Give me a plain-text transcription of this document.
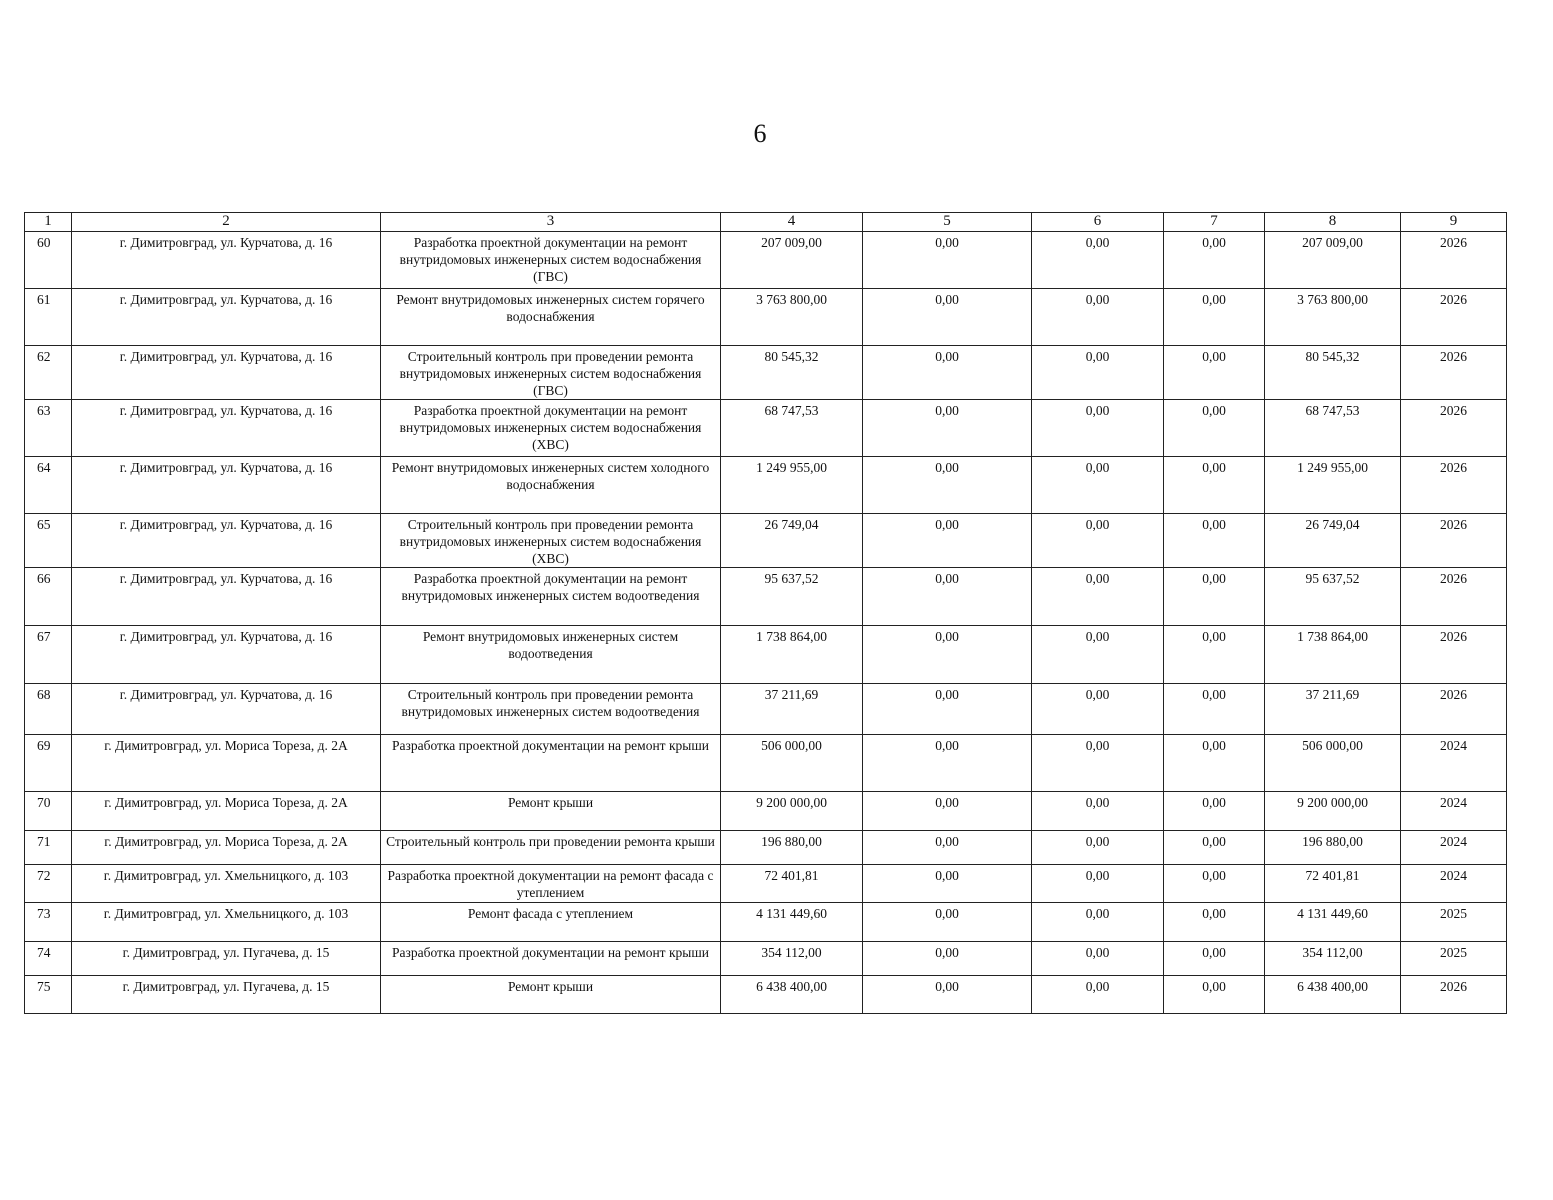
6
1	2	3	4	5	6	7	8	9
60	г. Димитровград, ул. Курчатова, д. 16	Разработка проектной документации на ремонт внутридомовых инженерных систем водоснабжения (ГВС)	207 009,00	0,00	0,00	0,00	207 009,00	2026
61	г. Димитровград, ул. Курчатова, д. 16	Ремонт внутридомовых инженерных систем горячего водоснабжения	3 763 800,00	0,00	0,00	0,00	3 763 800,00	2026
62	г. Димитровград, ул. Курчатова, д. 16	Строительный контроль при проведении ремонта внутридомовых инженерных систем водоснабжения (ГВС)	80 545,32	0,00	0,00	0,00	80 545,32	2026
63	г. Димитровград, ул. Курчатова, д. 16	Разработка проектной документации на ремонт внутридомовых инженерных систем водоснабжения (ХВС)	68 747,53	0,00	0,00	0,00	68 747,53	2026
64	г. Димитровград, ул. Курчатова, д. 16	Ремонт внутридомовых инженерных систем холодного водоснабжения	1 249 955,00	0,00	0,00	0,00	1 249 955,00	2026
65	г. Димитровград, ул. Курчатова, д. 16	Строительный контроль при проведении ремонта внутридомовых инженерных систем водоснабжения (ХВС)	26 749,04	0,00	0,00	0,00	26 749,04	2026
66	г. Димитровград, ул. Курчатова, д. 16	Разработка проектной документации на ремонт внутридомовых инженерных систем водоотведения	95 637,52	0,00	0,00	0,00	95 637,52	2026
67	г. Димитровград, ул. Курчатова, д. 16	Ремонт внутридомовых инженерных систем водоотведения	1 738 864,00	0,00	0,00	0,00	1 738 864,00	2026
68	г. Димитровград, ул. Курчатова, д. 16	Строительный контроль при проведении ремонта внутридомовых инженерных систем водоотведения	37 211,69	0,00	0,00	0,00	37 211,69	2026
69	г. Димитровград, ул. Мориса Тореза, д. 2А	Разработка проектной документации на ремонт крыши	506 000,00	0,00	0,00	0,00	506 000,00	2024
70	г. Димитровград, ул. Мориса Тореза, д. 2А	Ремонт крыши	9 200 000,00	0,00	0,00	0,00	9 200 000,00	2024
71	г. Димитровград, ул. Мориса Тореза, д. 2А	Строительный контроль при проведении ремонта крыши	196 880,00	0,00	0,00	0,00	196 880,00	2024
72	г. Димитровград, ул. Хмельницкого, д. 103	Разработка проектной документации на ремонт фасада с утеплением	72 401,81	0,00	0,00	0,00	72 401,81	2024
73	г. Димитровград, ул. Хмельницкого, д. 103	Ремонт фасада с утеплением	4 131 449,60	0,00	0,00	0,00	4 131 449,60	2025
74	г. Димитровград, ул. Пугачева, д. 15	Разработка проектной документации на ремонт крыши	354 112,00	0,00	0,00	0,00	354 112,00	2025
75	г. Димитровград, ул. Пугачева, д. 15	Ремонт крыши	6 438 400,00	0,00	0,00	0,00	6 438 400,00	2026
